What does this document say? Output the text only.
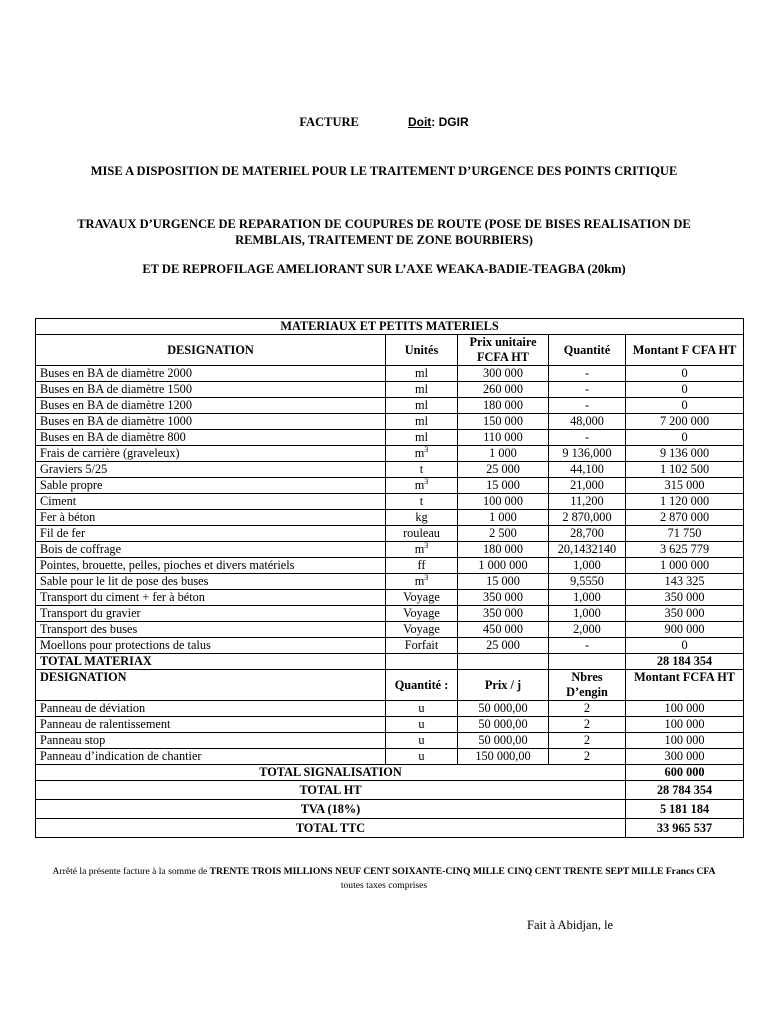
FACTURE	Doit: DGIR
MISE A DISPOSITION DE MATERIEL POUR LE TRAITEMENT D’URGENCE DES POINTS CRITIQUE
TRAVAUX D’URGENCE DE REPARATION DE COUPURES DE ROUTE (POSE DE BISES REALISATION DE REMBLAIS, TRAITEMENT DE ZONE BOURBIERS)
ET DE REPROFILAGE AMELIORANT SUR L’AXE WEAKA-BADIE-TEAGBA (20km)
MATERIAUX ET PETITS MATERIELS				
DESIGNATION	Unités	Prix unitaire FCFA HT	Quantité	Montant F CFA HT
Buses en BA de diamètre 2000	ml	300 000	-	0
Buses en BA de diamètre 1500	ml	260 000	-	0
Buses en BA de diamètre 1200	ml	180 000	-	0
Buses en BA de diamètre 1000	ml	150 000	48,000	7 200 000
Buses en BA de diamètre 800	ml	110 000	-	0
Frais de carrière (graveleux)	$m^3$	1 000	9 136,000	9 136 000
Graviers 5/25	t	25 000	44,100	1 102 500
Sable propre	$m^3$	15 000	21,000	315 000
Ciment	t	100 000	11,200	1 120 000
Fer à béton	kg	1 000	2 870,000	2 870 000
Fil de fer	rouleau	2 500	28,700	71 750
Bois de coffrage	$m^3$	180 000	20,1432140	3 625 779
Pointes, brouette, pelles, pioches et divers matériels	ff	1 000 000	1,000	1 000 000
Sable pour le lit de pose des buses	$m^3$	15 000	9,5550	143 325
Transport du ciment + fer à béton	Voyage	350 000	1,000	350 000
Transport du gravier	Voyage	350 000	1,000	350 000
Transport des buses	Voyage	450 000	2,000	900 000
Moellons pour protections de talus	Forfait	25 000	-	0
TOTAL MATERIAX				28 184 354
DESIGNATION	Quantité :	Prix / j	Nbres D’engin	Montant FCFA HT
Panneau de déviation	u	50 000,00	2	100 000
Panneau de ralentissement	u	50 000,00	2	100 000
Panneau stop	u	50 000,00	2	100 000
Panneau d’indication de chantier	u	150 000,00	2	300 000
TOTAL SIGNALISATION				600 000
TOTAL HT				28 784 354
TVA (18%)				5 181 184
TOTAL TTC				33 965 537
Arrêté la présente facture à la somme de TRENTE TROIS MILLIONS NEUF CENT SOIXANTE-CINQ MILLE CINQ CENT TRENTE SEPT MILLE Francs CFA
toutes taxes comprises
Fait à Abidjan, le
